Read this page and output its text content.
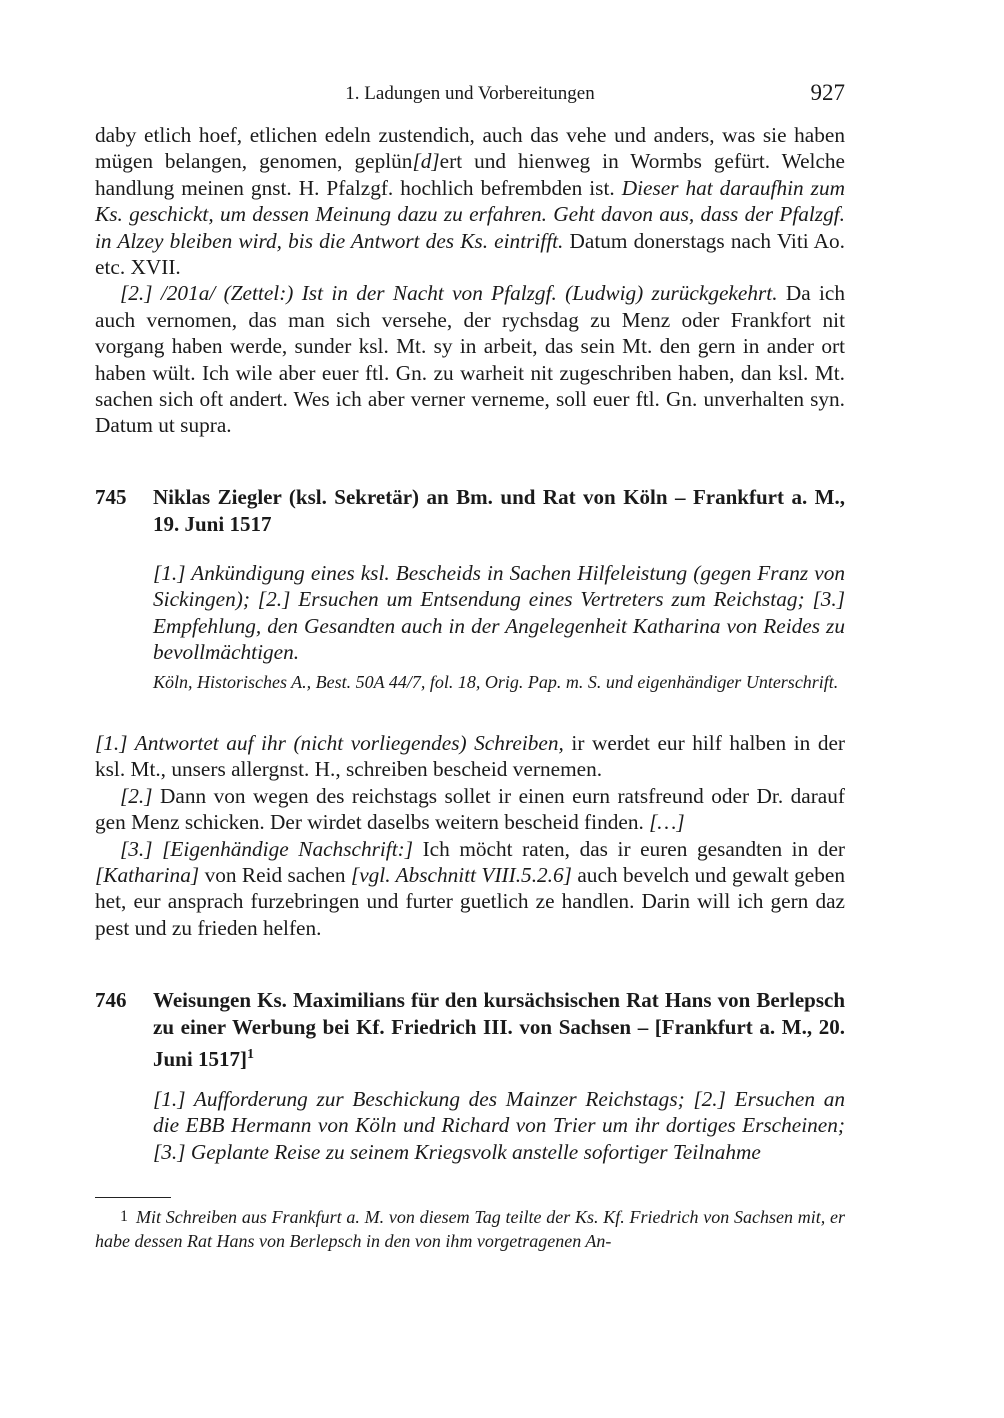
1. Ladungen und Vorbereitungen	927

daby etlich hoef, etlichen edeln zustendich, auch das vehe und anders, was sie haben mügen belangen, genomen, geplün[d]ert und hienweg in Wormbs gefürt. Welche handlung meinen gnst. H. Pfalzgf. hochlich befrembden ist. Dieser hat daraufhin zum Ks. geschickt, um dessen Meinung dazu zu erfahren. Geht davon aus, dass der Pfalzgf. in Alzey bleiben wird, bis die Antwort des Ks. eintrifft. Datum donerstags nach Viti Ao. etc. XVII.

[2.] /201a/ (Zettel:) Ist in der Nacht von Pfalzgf. (Ludwig) zurückgekehrt. Da ich auch vernomen, das man sich versehe, der rychsdag zu Menz oder Frankfort nit vorgang haben werde, sunder ksl. Mt. sy in arbeit, das sein Mt. den gern in ander ort haben wült. Ich wile aber euer ftl. Gn. zu warheit nit zugeschriben haben, dan ksl. Mt. sachen sich oft andert. Wes ich aber verner verneme, soll euer ftl. Gn. unverhalten syn. Datum ut supra.

745 Niklas Ziegler (ksl. Sekretär) an Bm. und Rat von Köln – Frankfurt a. M., 19. Juni 1517
[1.] Ankündigung eines ksl. Bescheids in Sachen Hilfeleistung (gegen Franz von Sickingen); [2.] Ersuchen um Entsendung eines Vertreters zum Reichstag; [3.] Empfehlung, den Gesandten auch in der Angelegenheit Katharina von Reides zu bevollmächtigen.
Köln, Historisches A., Best. 50A 44/7, fol. 18, Orig. Pap. m. S. und eigenhändiger Unterschrift.

[1.] Antwortet auf ihr (nicht vorliegendes) Schreiben, ir werdet eur hilf halben in der ksl. Mt., unsers allergnst. H., schreiben bescheid vernemen.

[2.] Dann von wegen des reichstags sollet ir einen eurn ratsfreund oder Dr. darauf gen Menz schicken. Der wirdet daselbs weitern bescheid finden. […]

[3.] [Eigenhändige Nachschrift:] Ich möcht raten, das ir euren gesandten in der [Katharina] von Reid sachen [vgl. Abschnitt VIII.5.2.6] auch bevelch und gewalt geben het, eur ansprach furzebringen und furter guetlich ze handlen. Darin will ich gern daz pest und zu frieden helfen.

746 Weisungen Ks. Maximilians für den kursächsischen Rat Hans von Berlepsch zu einer Werbung bei Kf. Friedrich III. von Sachsen – [Frankfurt a. M., 20. Juni 1517]$^1$
[1.] Aufforderung zur Beschickung des Mainzer Reichstags; [2.] Ersuchen an die EBB Hermann von Köln und Richard von Trier um ihr dortiges Erscheinen; [3.] Geplante Reise zu seinem Kriegsvolk anstelle sofortiger Teilnahme
1 Mit Schreiben aus Frankfurt a. M. von diesem Tag teilte der Ks. Kf. Friedrich von Sachsen mit, er habe dessen Rat Hans von Berlepsch in den von ihm vorgetragenen An-
